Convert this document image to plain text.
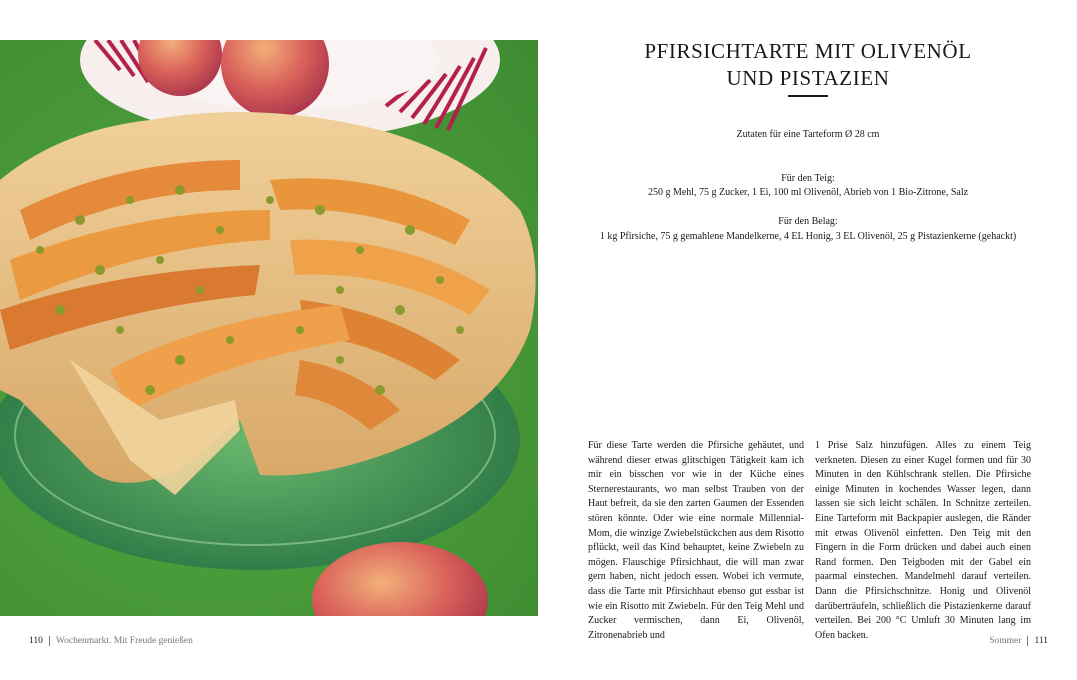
PFIRSICHTARTE MIT OLIVENÖL
UND PISTAZIEN

Zutaten für eine Tarteform Ø 28 cm

Für den Teig:

250 g Mehl, 75 g Zucker, 1 Ei, 100 ml Olivenöl, Abrieb von 1 Bio-Zitrone, Salz

Für den Belag:

1 kg Pfirsiche, 75 g gemahlene Mandelkerne, 4 EL Honig, 3 EL Olivenöl, 25 g Pistazienkerne (gehackt)

Für diese Tarte werden die Pfirsiche gehäutet, und während dieser etwas glitschigen Tätigkeit kam ich mir ein bisschen vor wie in der Küche eines Sternerestaurants, wo man selbst Trauben von der Haut befreit, da sie den zarten Gaumen der Essenden stören könnte. Oder wie eine normale Millennial-Mom, die winzige Zwiebelstückchen aus dem Risotto pflückt, weil das Kind behauptet, keine Zwiebeln zu mögen. Flauschige Pfirsichhaut, die will man zwar gern haben, nicht jedoch essen. Wobei ich vermute, dass die Tarte mit Pfirsichhaut ebenso gut essbar ist wie ein Risotto mit Zwiebeln. Für den Teig Mehl und Zucker vermischen, dann Ei, Olivenöl, Zitronenabrieb und
1 Prise Salz hinzufügen. Alles zu einem Teig verkneten. Diesen zu einer Kugel formen und für 30 Minuten in den Kühlschrank stellen. Die Pfirsiche einige Minuten in kochendes Wasser legen, dann lassen sie sich leicht schälen. In Schnitze zerteilen. Eine Tarteform mit Backpapier auslegen, die Ränder mit etwas Olivenöl einfetten. Den Teig mit den Fingern in die Form drücken und dabei auch einen Rand formen. Den Teigboden mit der Gabel ein paarmal einstechen. Mandelmehl darauf verteilen. Dann die Pfirsichschnitze. Honig und Olivenöl darüberträufeln, schließlich die Pistazienkerne darauf verteilen. Bei 200 °C Umluft 30 Minuten lang im Ofen backen.
110 Wochenmarkt. Mit Freude genießen	Sommer 111
